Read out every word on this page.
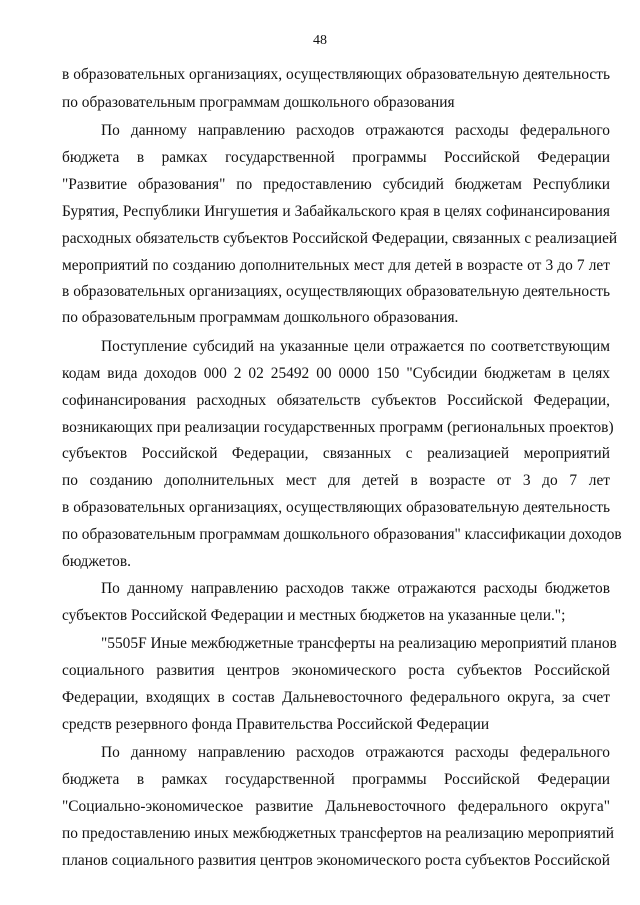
48
в образовательных организациях, осуществляющих образовательную деятельность
по образовательным программам дошкольного образования
По данному направлению расходов отражаются расходы федерального
бюджета в рамках государственной программы Российской Федерации
"Развитие образования" по предоставлению субсидий бюджетам Республики
Бурятия, Республики Ингушетия и Забайкальского края в целях софинансирования
расходных обязательств субъектов Российской Федерации, связанных с реализацией
мероприятий по созданию дополнительных мест для детей в возрасте от 3 до 7 лет
в образовательных организациях, осуществляющих образовательную деятельность
по образовательным программам дошкольного образования.
Поступление субсидий на указанные цели отражается по соответствующим
кодам вида доходов 000 2 02 25492 00 0000 150 "Субсидии бюджетам в целях
софинансирования расходных обязательств субъектов Российской Федерации,
возникающих при реализации государственных программ (региональных проектов)
субъектов Российской Федерации, связанных с реализацией мероприятий
по созданию дополнительных мест для детей в возрасте от 3 до 7 лет
в образовательных организациях, осуществляющих образовательную деятельность
по образовательным программам дошкольного образования" классификации доходов
бюджетов.
По данному направлению расходов также отражаются расходы бюджетов
субъектов Российской Федерации и местных бюджетов на указанные цели.";
"5505F Иные межбюджетные трансферты на реализацию мероприятий планов
социального развития центров экономического роста субъектов Российской
Федерации, входящих в состав Дальневосточного федерального округа, за счет
средств резервного фонда Правительства Российской Федерации
По данному направлению расходов отражаются расходы федерального
бюджета в рамках государственной программы Российской Федерации
"Социально-экономическое развитие Дальневосточного федерального округа"
по предоставлению иных межбюджетных трансфертов на реализацию мероприятий
планов социального развития центров экономического роста субъектов Российской
